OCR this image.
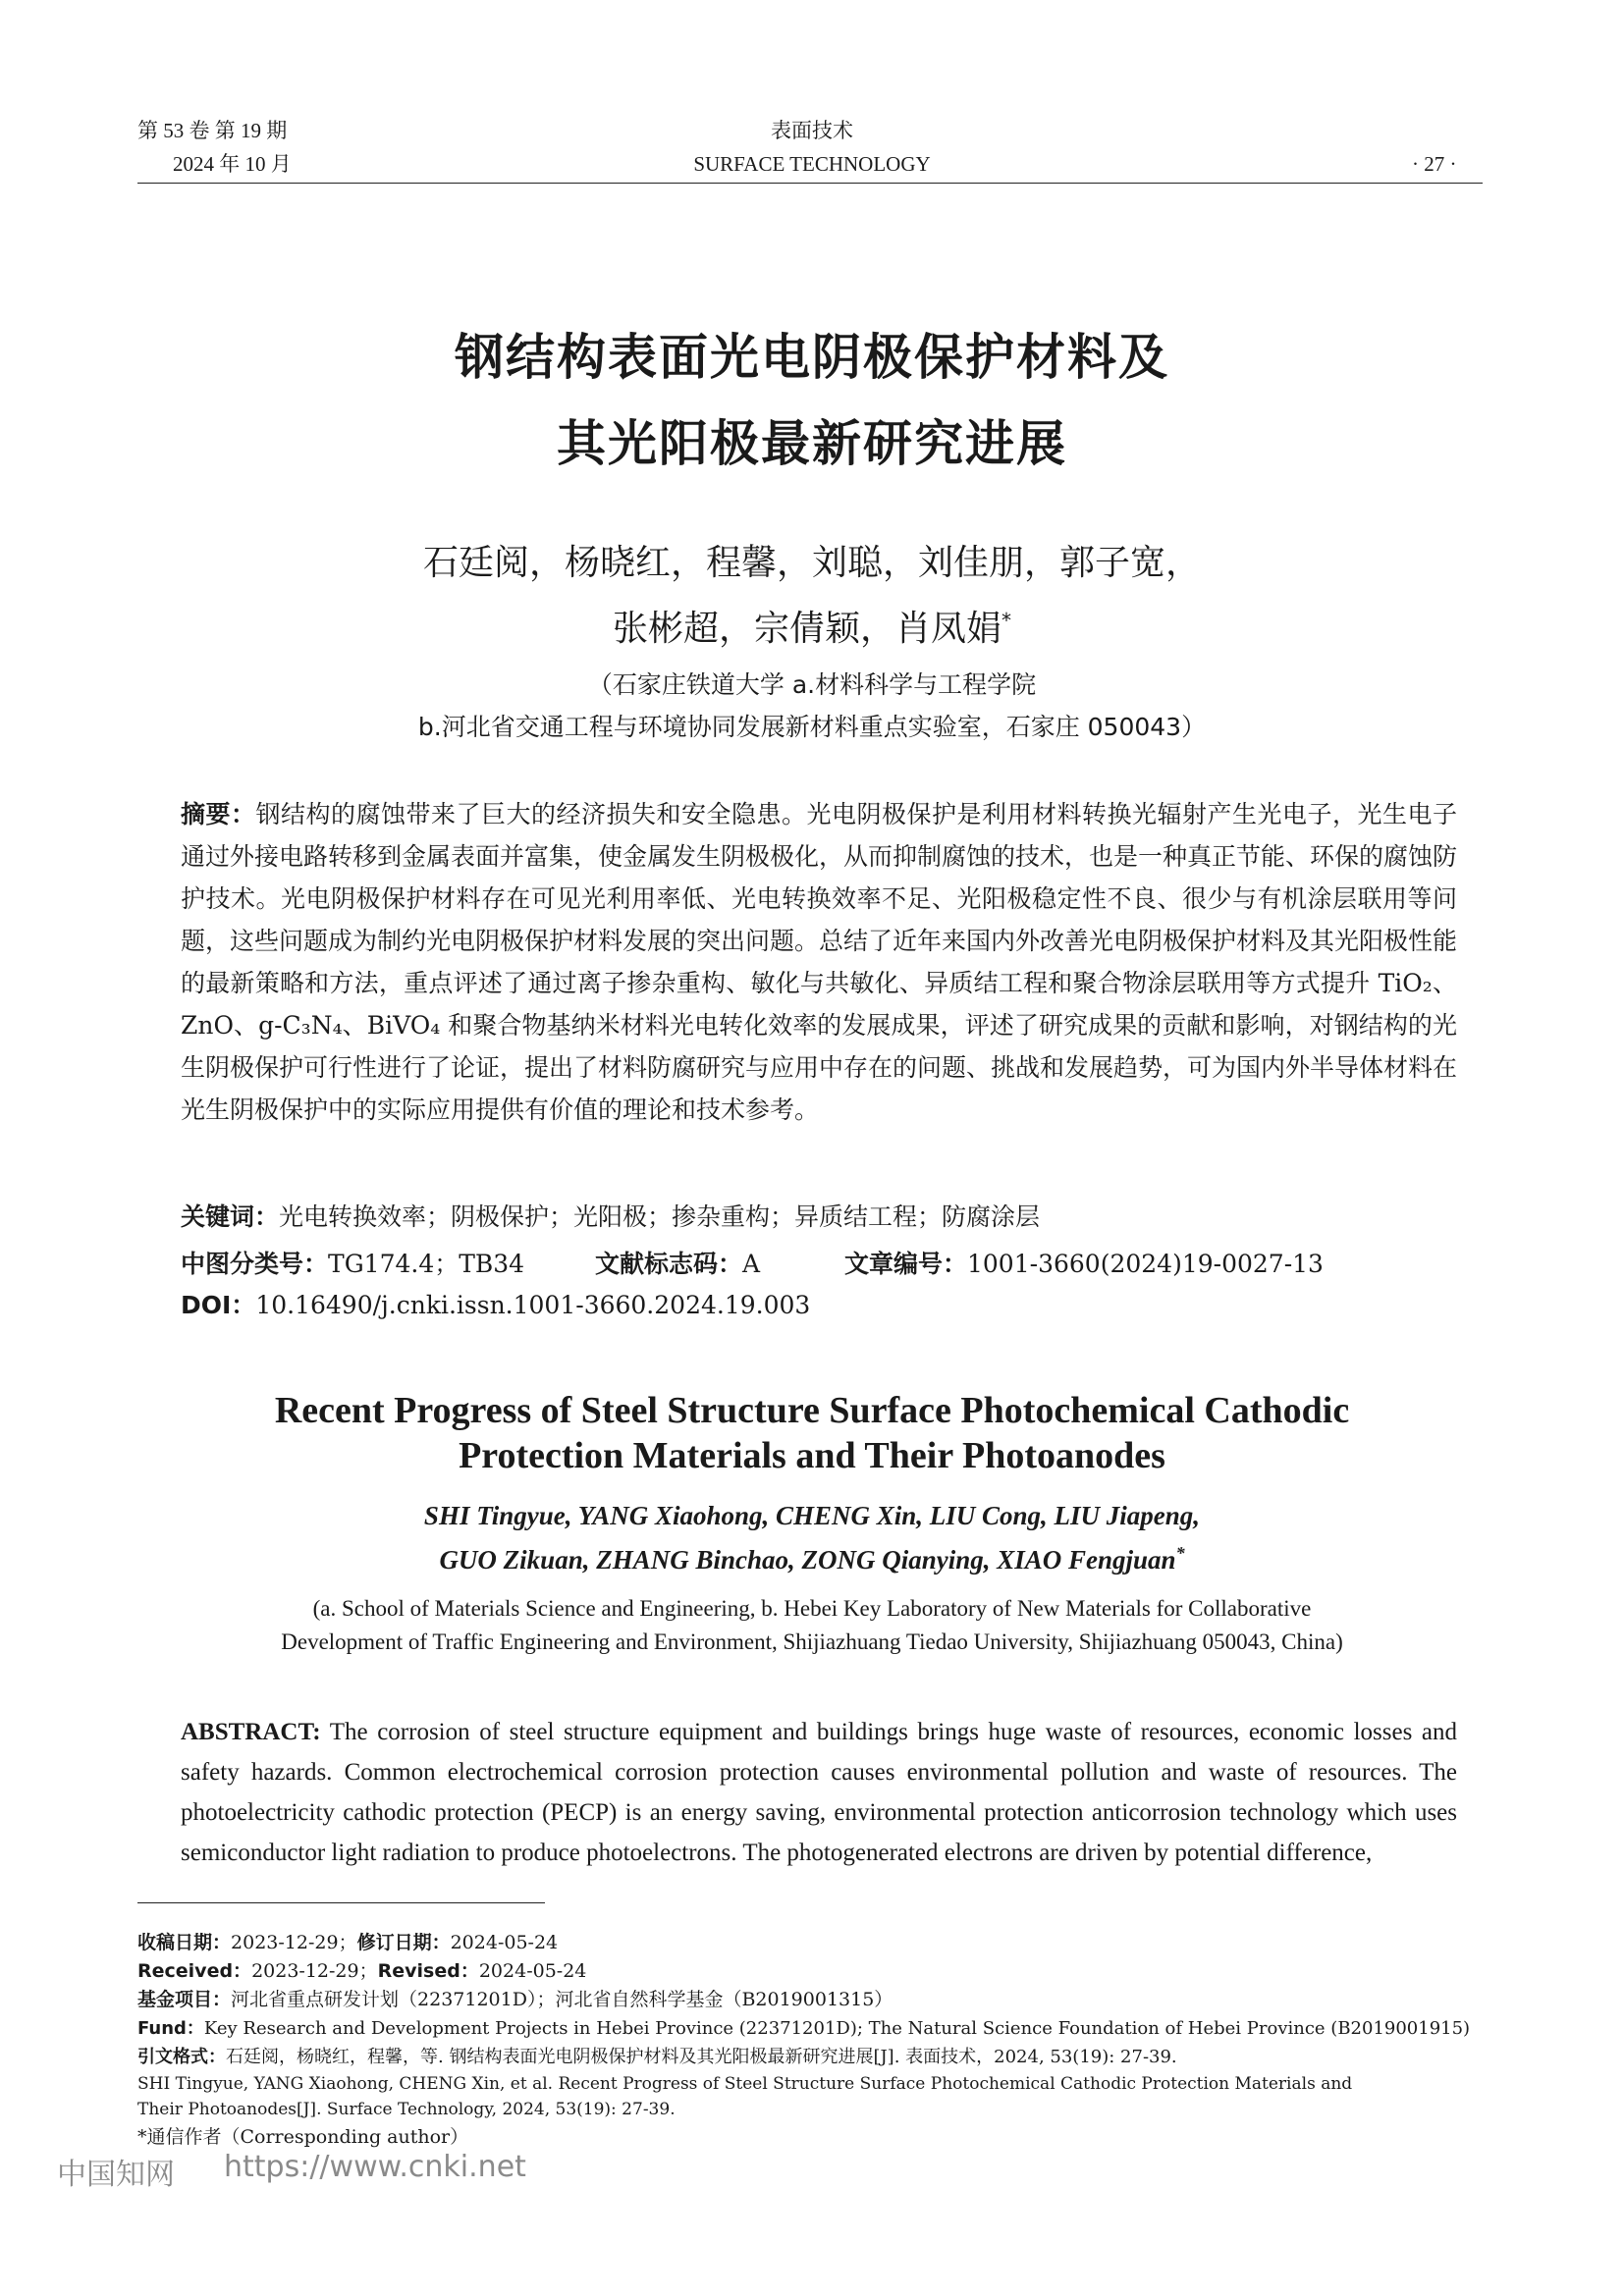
第 53 卷 第 19 期
2024 年 10 月
表面技术
SURFACE TECHNOLOGY	· 27 ·
钢结构表面光电阴极保护材料及
其光阳极最新研究进展
石廷阅，杨晓红，程馨，刘聪，刘佳朋，郭子宽，
张彬超，宗倩颖，肖凤娟*
（石家庄铁道大学 a.材料科学与工程学院
b.河北省交通工程与环境协同发展新材料重点实验室，石家庄 050043）
摘要：钢结构的腐蚀带来了巨大的经济损失和安全隐患。光电阴极保护是利用材料转换光辐射产生光电子，光生电子通过外接电路转移到金属表面并富集，使金属发生阴极极化，从而抑制腐蚀的技术，也是一种真正节能、环保的腐蚀防护技术。光电阴极保护材料存在可见光利用率低、光电转换效率不足、光阳极稳定性不良、很少与有机涂层联用等问题，这些问题成为制约光电阴极保护材料发展的突出问题。总结了近年来国内外改善光电阴极保护材料及其光阳极性能的最新策略和方法，重点评述了通过离子掺杂重构、敏化与共敏化、异质结工程和聚合物涂层联用等方式提升 TiO₂、ZnO、g-C₃N₄、BiVO₄ 和聚合物基纳米材料光电转化效率的发展成果，评述了研究成果的贡献和影响，对钢结构的光生阴极保护可行性进行了论证，提出了材料防腐研究与应用中存在的问题、挑战和发展趋势，可为国内外半导体材料在光生阴极保护中的实际应用提供有价值的理论和技术参考。
关键词：光电转换效率；阴极保护；光阳极；掺杂重构；异质结工程；防腐涂层
中图分类号：TG174.4；TB34	文献标志码：A	文章编号：1001-3660(2024)19-0027-13
DOI：10.16490/j.cnki.issn.1001-3660.2024.19.003
Recent Progress of Steel Structure Surface Photochemical Cathodic
Protection Materials and Their Photoanodes
SHI Tingyue, YANG Xiaohong, CHENG Xin, LIU Cong, LIU Jiapeng,
GUO Zikuan, ZHANG Binchao, ZONG Qianying, XIAO Fengjuan*
(a. School of Materials Science and Engineering, b. Hebei Key Laboratory of New Materials for Collaborative
Development of Traffic Engineering and Environment, Shijiazhuang Tiedao University, Shijiazhuang 050043, China)
ABSTRACT: The corrosion of steel structure equipment and buildings brings huge waste of resources, economic losses and safety hazards. Common electrochemical corrosion protection causes environmental pollution and waste of resources. The photoelectricity cathodic protection (PECP) is an energy saving, environmental protection anticorrosion technology which uses semiconductor light radiation to produce photoelectrons. The photogenerated electrons are driven by potential difference,
收稿日期：2023-12-29；修订日期：2024-05-24
Received：2023-12-29；Revised：2024-05-24
基金项目：河北省重点研发计划（22371201D）；河北省自然科学基金（B2019001315）
Fund：Key Research and Development Projects in Hebei Province (22371201D); The Natural Science Foundation of Hebei Province (B2019001915)
引文格式：石廷阅，杨晓红，程馨，等. 钢结构表面光电阴极保护材料及其光阳极最新研究进展[J]. 表面技术，2024, 53(19): 27-39.
SHI Tingyue, YANG Xiaohong, CHENG Xin, et al. Recent Progress of Steel Structure Surface Photochemical Cathodic Protection Materials and
Their Photoanodes[J]. Surface Technology, 2024, 53(19): 27-39.
*通信作者（Corresponding author）
中国知网 https://www.cnki.net
